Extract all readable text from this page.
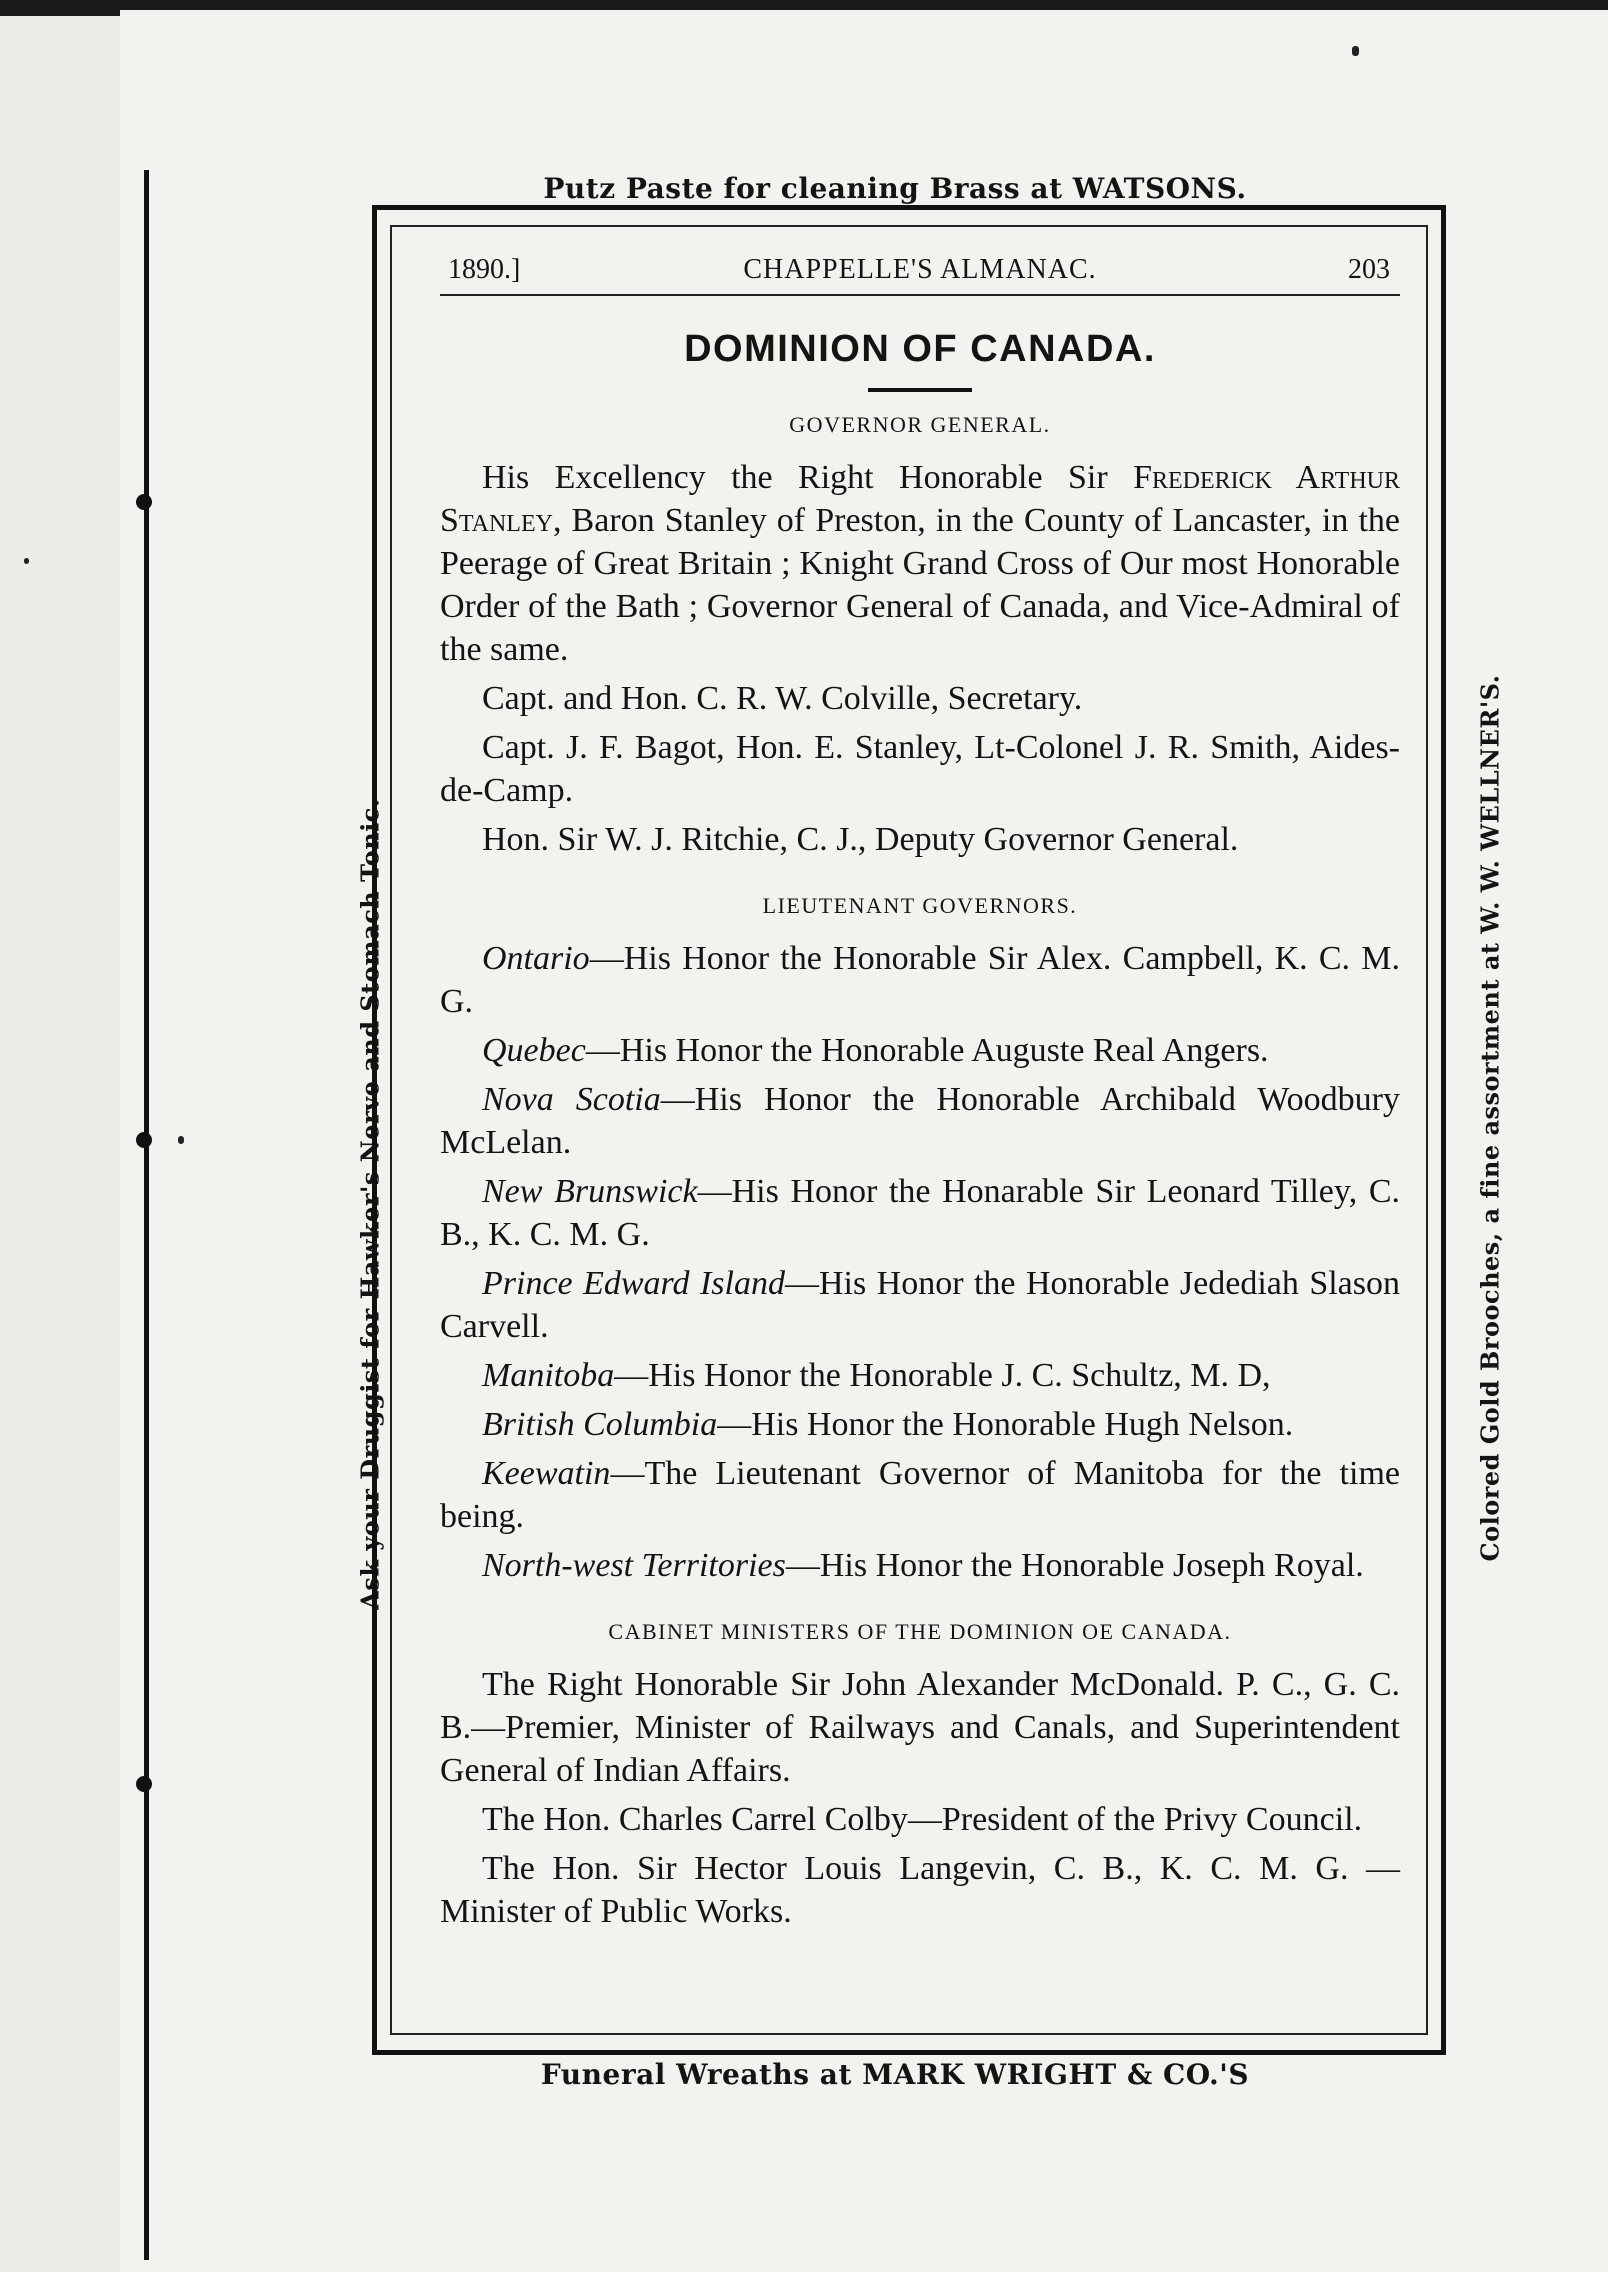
Putz Paste for cleaning Brass at WATSONS.
Ask your Druggist for Hawker's Nerve and Stomach Tonic.	Colored Gold Brooches, a fine assortment at W. W. WELLNER'S.
Funeral Wreaths at MARK WRIGHT & CO.'S
1890.]	CHAPPELLE'S ALMANAC.	203
DOMINION OF CANADA.
GOVERNOR GENERAL.

His Excellency the Right Honorable Sir Frederick Arthur Stanley, Baron Stanley of Preston, in the County of Lancaster, in the Peerage of Great Britain ; Knight Grand Cross of Our most Honorable Order of the Bath ; Governor General of Canada, and Vice-Admiral of the same.

Capt. and Hon. C. R. W. Colville, Secretary.

Capt. J. F. Bagot, Hon. E. Stanley, Lt-Colonel J. R. Smith, Aides-de-Camp.

Hon. Sir W. J. Ritchie, C. J., Deputy Governor General.

LIEUTENANT GOVERNORS.

Ontario—His Honor the Honorable Sir Alex. Campbell, K. C. M. G.

Quebec—His Honor the Honorable Auguste Real Angers.

Nova Scotia—His Honor the Honorable Archibald Woodbury McLelan.

New Brunswick—His Honor the Honarable Sir Leonard Tilley, C. B., K. C. M. G.

Prince Edward Island—His Honor the Honorable Jedediah Slason Carvell.

Manitoba—His Honor the Honorable J. C. Schultz, M. D,

British Columbia—His Honor the Honorable Hugh Nelson.

Keewatin—The Lieutenant Governor of Manitoba for the time being.

North-west Territories—His Honor the Honorable Joseph Royal.

CABINET MINISTERS OF THE DOMINION OE CANADA.

The Right Honorable Sir John Alexander McDonald. P. C., G. C. B.—Premier, Minister of Railways and Canals, and Superintendent General of Indian Affairs.

The Hon. Charles Carrel Colby—President of the Privy Council.

The Hon. Sir Hector Louis Langevin, C. B., K. C. M. G. —Minister of Public Works.
